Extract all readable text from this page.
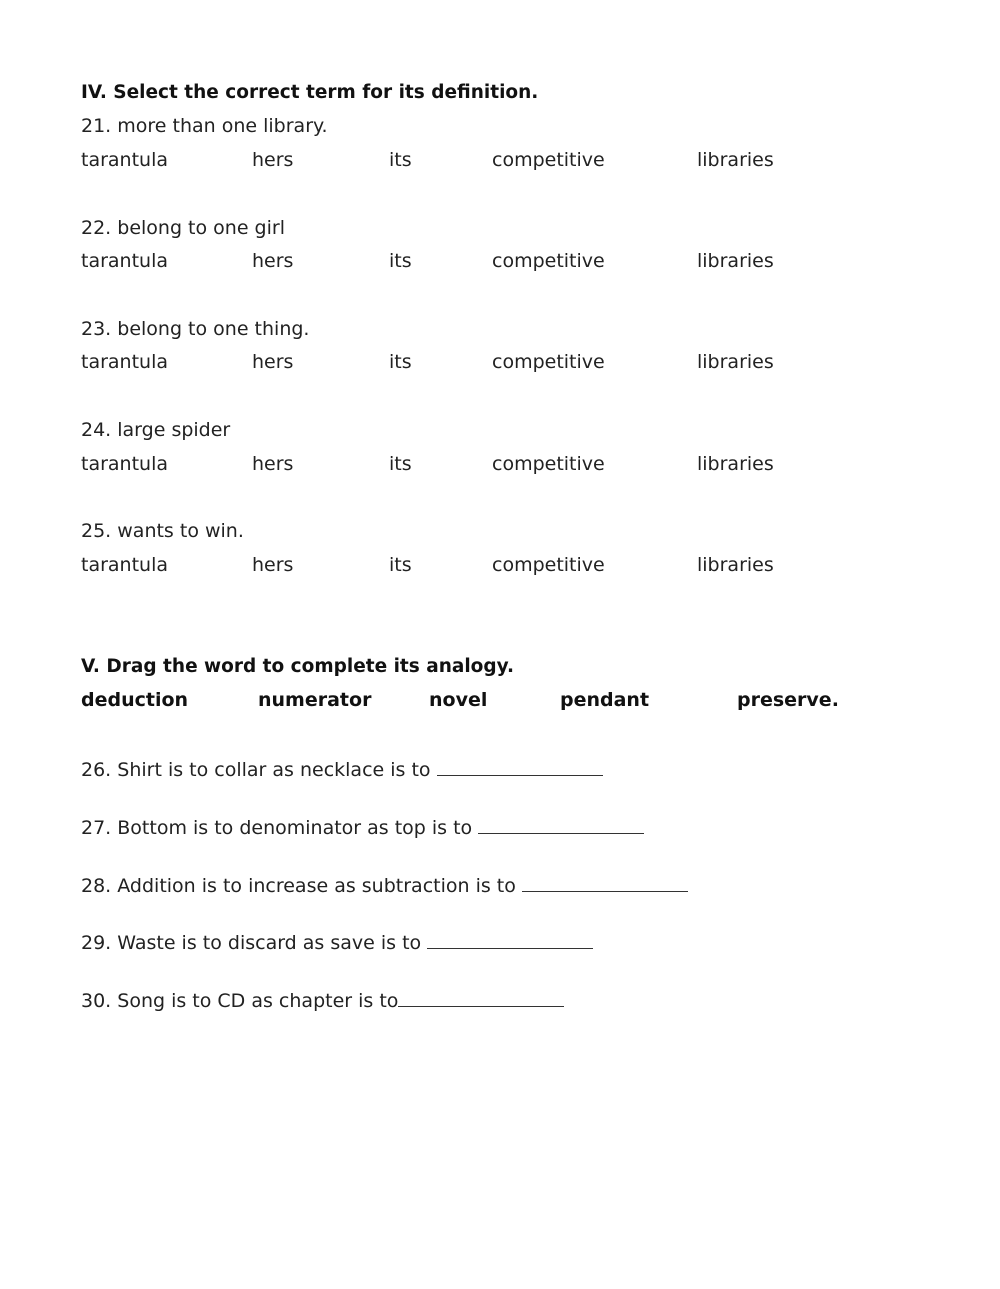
IV. Select the correct term for its definition.
21. more than one library.
tarantula	hers	its	competitive	libraries
22. belong to one girl
tarantula	hers	its	competitive	libraries
23. belong to one thing.
tarantula	hers	its	competitive	libraries
24. large spider
tarantula	hers	its	competitive	libraries
25. wants to win.
tarantula	hers	its	competitive	libraries
V. Drag the word to complete its analogy.
deduction	numerator	novel	pendant	preserve.
26. Shirt is to collar as necklace is to
27. Bottom is to denominator as top is to
28. Addition is to increase as subtraction is to
29. Waste is to discard as save is to
30. Song is to CD as chapter is to
